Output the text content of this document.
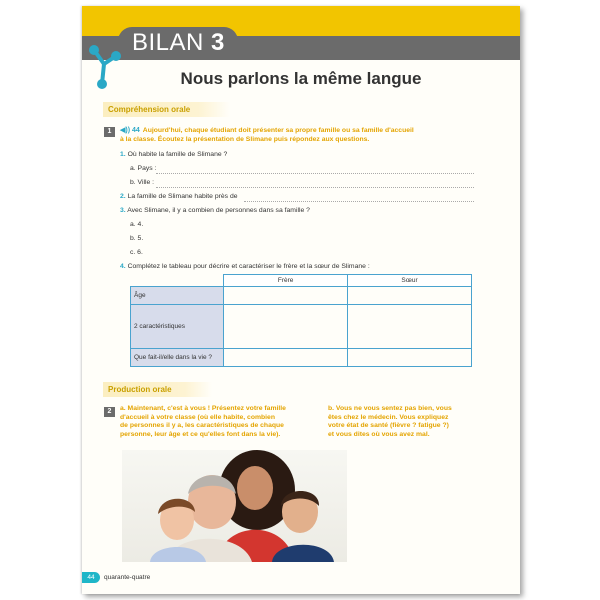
BILAN 3
Nous parlons la même langue
Compréhension orale
1	◀)) 44 Aujourd'hui, chaque étudiant doit présenter sa propre famille ou sa famille d'accueil
à la classe. Écoutez la présentation de Slimane puis répondez aux questions.
1. Où habite la famille de Slimane ?
a. Pays :
b. Ville :
2. La famille de Slimane habite près de
3. Avec Slimane, il y a combien de personnes dans sa famille ?
a. 4.
b. 5.
c. 6.
4. Complétez le tableau pour décrire et caractériser le frère et la sœur de Slimane :
	Frère	Sœur
Âge		
2 caractéristiques		
Que fait-il/elle dans la vie ?		
Production orale
2	a. Maintenant, c'est à vous ! Présentez votre famille
d'accueil à votre classe (où elle habite, combien
de personnes il y a, les caractéristiques de chaque
personne, leur âge et ce qu'elles font dans la vie).
b. Vous ne vous sentez pas bien, vous
êtes chez le médecin. Vous expliquez
votre état de santé (fièvre ? fatigue ?)
et vous dites où vous avez mal.
44	quarante-quatre
